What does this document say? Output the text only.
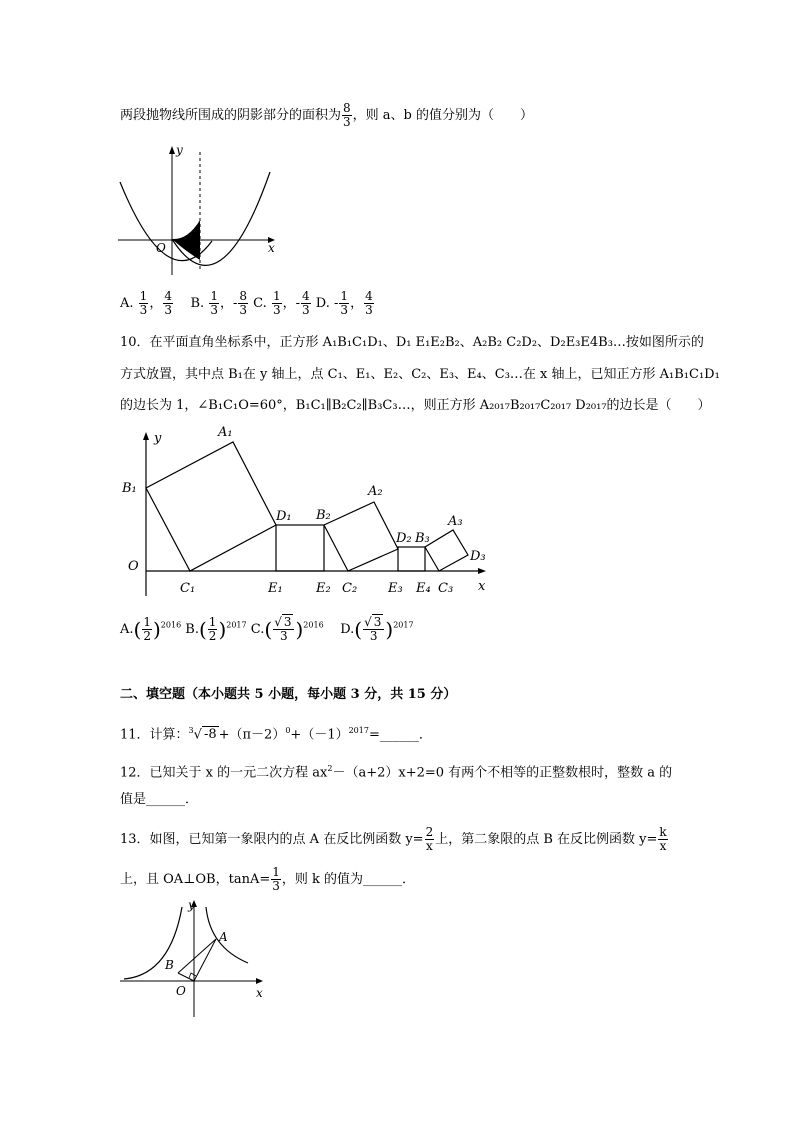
两段抛物线所围成的阴影部分的面积为 $\frac{8}{3}$ ，则 a、b 的值分别为（　　）
y
x
O
A. $\frac{1}{3}$ ， $\frac{4}{3} B$. $\frac{1}{3}$ ，- $\frac{8}{3} C$. $\frac{1}{3}$ ，- $\frac{4}{3} D$. - $\frac{1}{3}$ ， $\frac{4}{3}$
10．在平面直角坐标系中，正方形 A₁B₁C₁D₁、D₁ E₁E₂B₂、A₂B₂ C₂D₂、D₂E₃E4B₃…按如图所示的
方式放置，其中点 B₁在 y 轴上，点 C₁、E₁、E₂、C₂、E₃、E₄、C₃…在 x 轴上，已知正方形 A₁B₁C₁D₁
的边长为 1，∠B₁C₁O=60°，B₁C₁∥B₂C₂∥B₃C₃…，则正方形 A₂₀₁₇B₂₀₁₇C₂₀₁₇ D₂₀₁₇的边长是（　　）
y
x
O
A₁
B₁
C₁
D₁
E₁	E₂
B₂
A₂
C₂
D₂ B₃
E₃ E₄ C₃
A₃
D₃
$A.( \frac{1}{2} )^{2016}$ $B.( \frac{1}{2} )^{2017}$ $C.( \frac{√ 3}{3} )^{2016}$ $D.( \frac{√ 3}{3} )^{2017}$
二、填空题（本小题共 5 小题，每小题 3 分，共 15 分）
11．计算：$^3$√ $-8 +(\pi-2)^0+(-1)^{2017}=\_\_\_\_\_\_$．
12．已知关于 x 的一元二次方程 $ax^2-(a+2)x+2=0$ 有两个不相等的正整数根时，整数 a 的
值是______．
13．如图，已知第一象限内的点 A 在反比例函数 $y= \frac{2}{x}$ 上，第二象限的点 B 在反比例函数 $y= \frac{k}{x}$
上，且 OA⊥OB，$\tan A= \frac{1}{3}$ ，则 k 的值为______．
y
x
O
A
B
